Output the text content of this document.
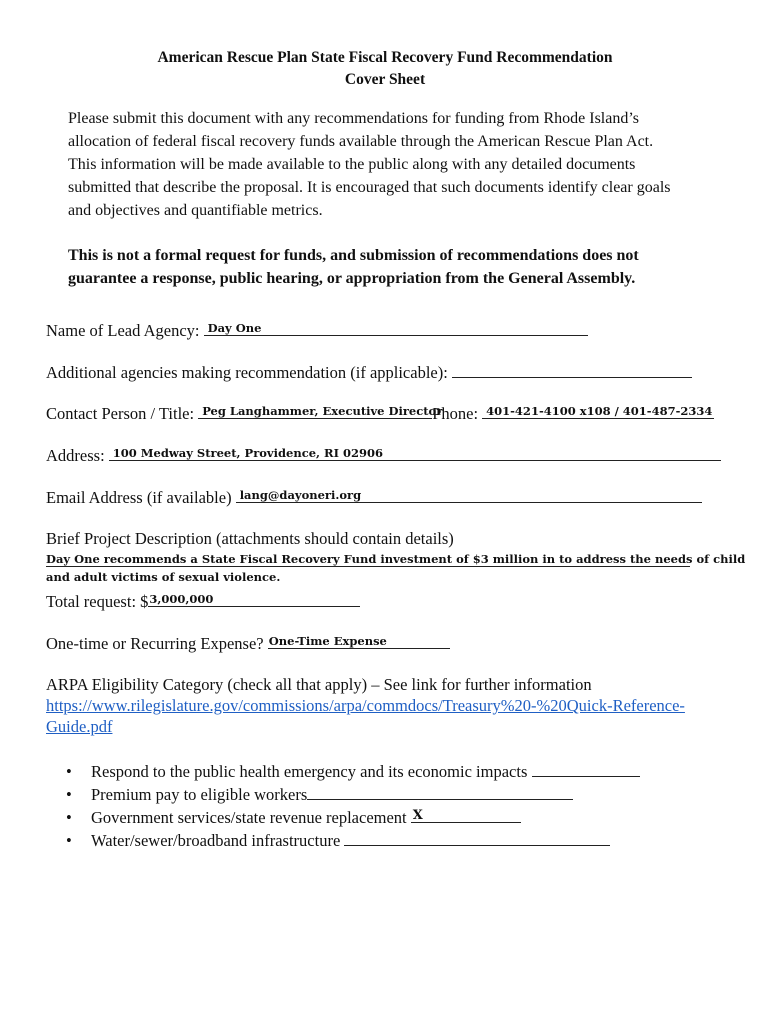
American Rescue Plan State Fiscal Recovery Fund Recommendation
Cover Sheet
Please submit this document with any recommendations for funding from Rhode Island’s
allocation of federal fiscal recovery funds available through the American Rescue Plan Act.
This information will be made available to the public along with any detailed documents
submitted that describe the proposal. It is encouraged that such documents identify clear goals
and objectives and quantifiable metrics.
This is not a formal request for funds, and submission of recommendations does not
guarantee a response, public hearing, or appropriation from the General Assembly.
Name of Lead Agency: Day One
Additional agencies making recommendation (if applicable):
Contact Person / Title: Peg Langhammer, Executive Director
Phone: 401-421-4100 x108 / 401-487-2334
Address: 100 Medway Street, Providence, RI 02906
Email Address (if available) lang@dayoneri.org
Brief Project Description (attachments should contain details)
Day One recommends a State Fiscal Recovery Fund investment of $3 million in to address the needs of child
and adult victims of sexual violence.
Total request: $ 3,000,000
One-time or Recurring Expense? One-Time Expense
ARPA Eligibility Category (check all that apply) – See link for further information
https://www.rilegislature.gov/commissions/arpa/commdocs/Treasury%20-%20Quick-Reference-
Guide.pdf
• Respond to the public health emergency and its economic impacts
• Premium pay to eligible workers
• Government services/state revenue replacement X
• Water/sewer/broadband infrastructure
